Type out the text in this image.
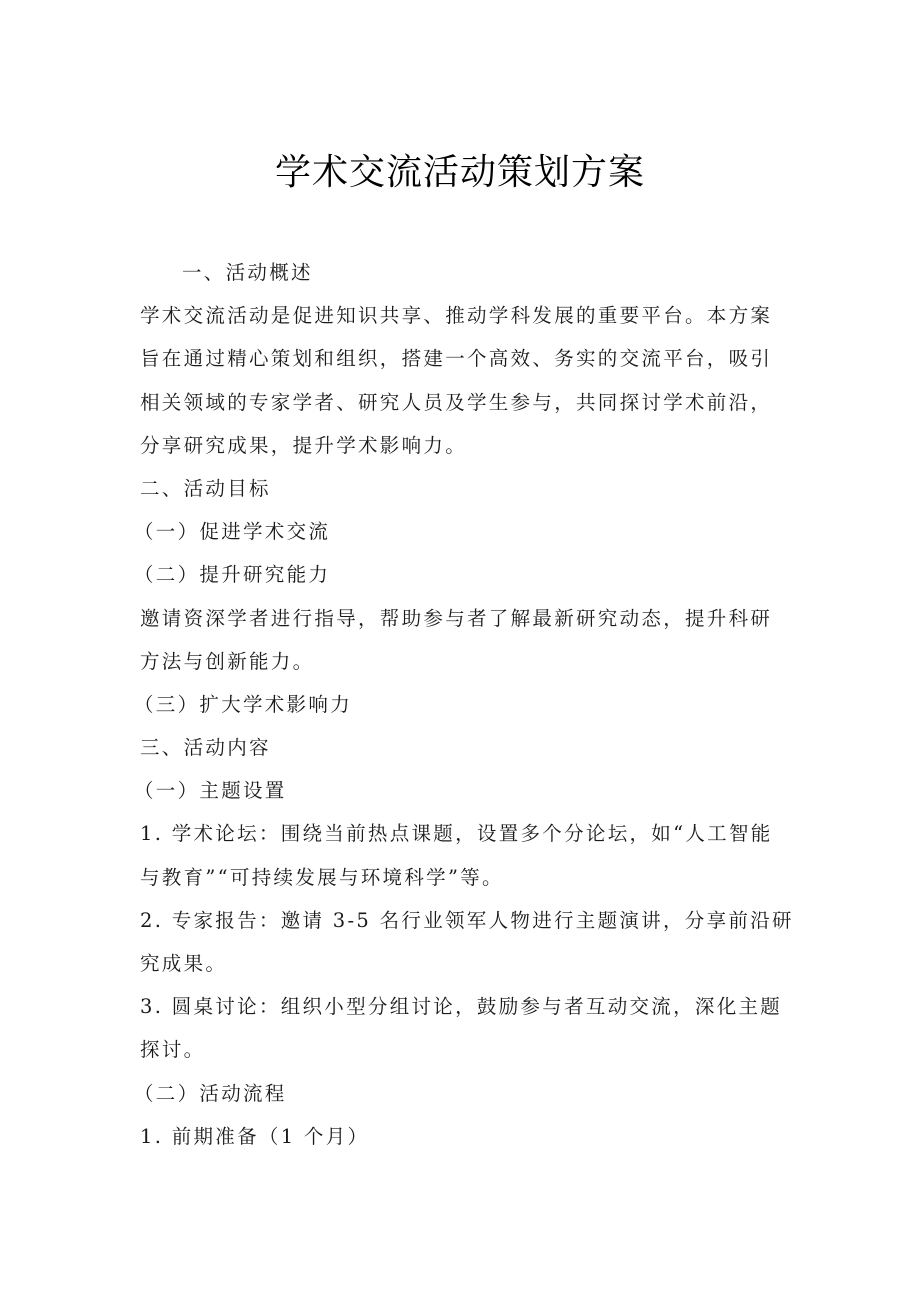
学术交流活动策划方案
一、活动概述
学术交流活动是促进知识共享、推动学科发展的重要平台。本方案
旨在通过精心策划和组织，搭建一个高效、务实的交流平台，吸引
相关领域的专家学者、研究人员及学生参与，共同探讨学术前沿，
分享研究成果，提升学术影响力。
二、活动目标
（一）促进学术交流
（二）提升研究能力
邀请资深学者进行指导，帮助参与者了解最新研究动态，提升科研
方法与创新能力。
（三）扩大学术影响力
三、活动内容
（一）主题设置
1. 学术论坛：围绕当前热点课题，设置多个分论坛，如“人工智能
与教育”“可持续发展与环境科学”等。
2. 专家报告：邀请 3-5 名行业领军人物进行主题演讲，分享前沿研
究成果。
3. 圆桌讨论：组织小型分组讨论，鼓励参与者互动交流，深化主题
探讨。
（二）活动流程
1. 前期准备（1 个月）
